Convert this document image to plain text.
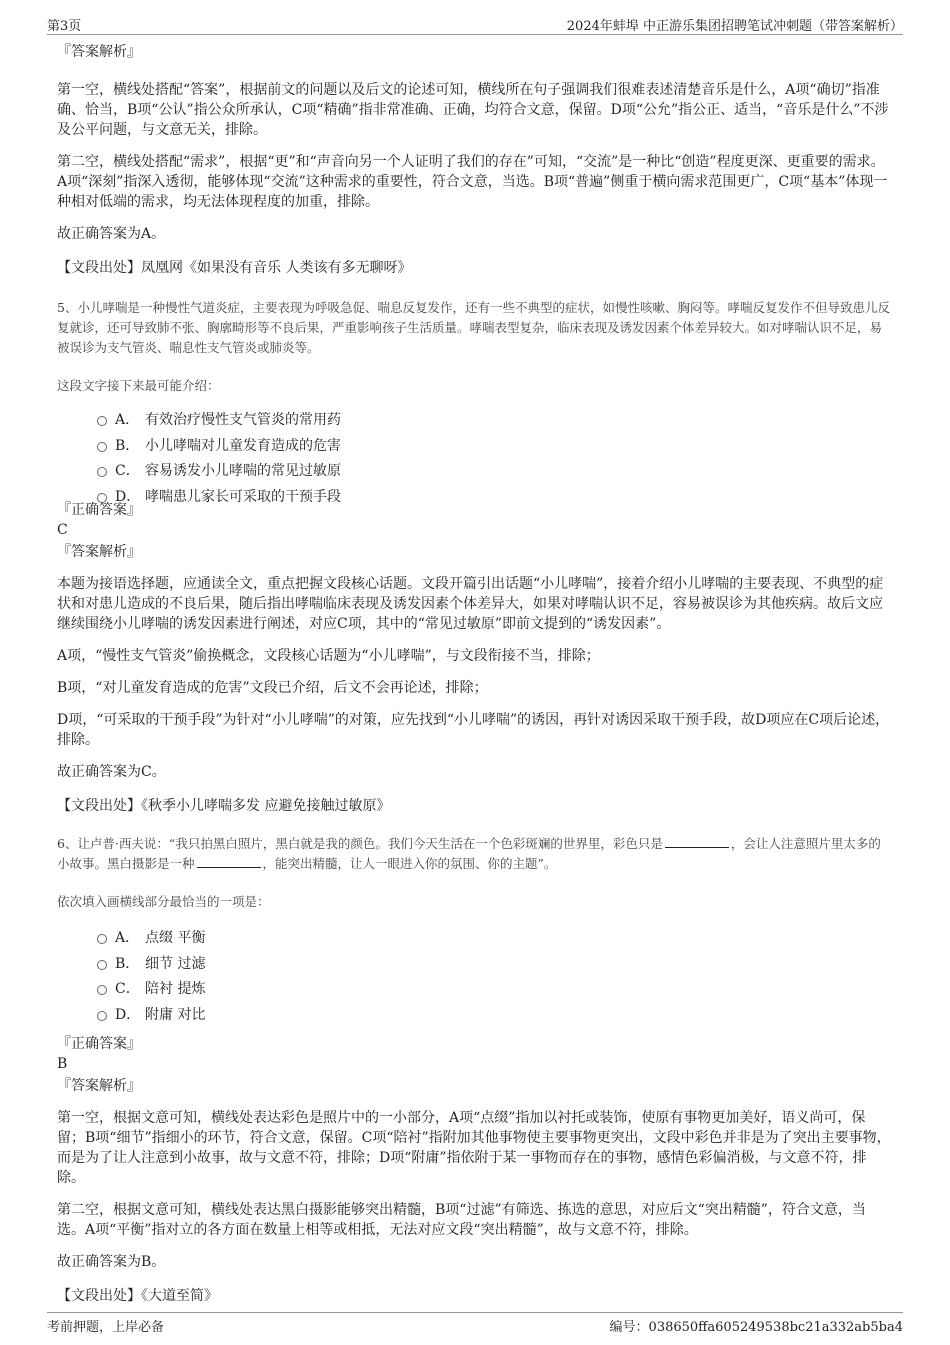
第3页	2024年蚌埠 中正游乐集团招聘笔试冲刺题（带答案解析）

『答案解析』

第一空，横线处搭配“答案”，根据前文的问题以及后文的论述可知，横线所在句子强调我们很难表述清楚音乐是什么，A项“确切”指准确、恰当，B项“公认”指公众所承认，C项“精确”指非常准确、正确，均符合文意，保留。D项“公允”指公正、适当，“音乐是什么”不涉及公平问题，与文意无关，排除。

第二空，横线处搭配“需求”，根据“更”和“声音向另一个人证明了我们的存在”可知，“交流”是一种比“创造”程度更深、更重要的需求。A项“深刻”指深入透彻，能够体现“交流”这种需求的重要性，符合文意，当选。B项“普遍”侧重于横向需求范围更广，C项“基本”体现一种相对低端的需求，均无法体现程度的加重，排除。

故正确答案为A。

【文段出处】凤凰网《如果没有音乐 人类该有多无聊呀》

5、小儿哮喘是一种慢性气道炎症，主要表现为呼吸急促、喘息反复发作，还有一些不典型的症状，如慢性咳嗽、胸闷等。哮喘反复发作不但导致患儿反复就诊，还可导致肺不张、胸廓畸形等不良后果，严重影响孩子生活质量。哮喘表型复杂，临床表现及诱发因素个体差异较大。如对哮喘认识不足，易被误诊为支气管炎、喘息性支气管炎或肺炎等。

这段文字接下来最可能介绍：

A． 有效治疗慢性支气管炎的常用药
B． 小儿哮喘对儿童发育造成的危害
C． 容易诱发小儿哮喘的常见过敏原
D． 哮喘患儿家长可采取的干预手段

『正确答案』

C

『答案解析』

本题为接语选择题，应通读全文，重点把握文段核心话题。文段开篇引出话题“小儿哮喘”，接着介绍小儿哮喘的主要表现、不典型的症状和对患儿造成的不良后果，随后指出哮喘临床表现及诱发因素个体差异大，如果对哮喘认识不足，容易被误诊为其他疾病。故后文应继续围绕小儿哮喘的诱发因素进行阐述，对应C项，其中的“常见过敏原”即前文提到的“诱发因素”。

A项，“慢性支气管炎”偷换概念，文段核心话题为“小儿哮喘”，与文段衔接不当，排除；

B项，“对儿童发育造成的危害”文段已介绍，后文不会再论述，排除；

D项，“可采取的干预手段”为针对“小儿哮喘”的对策，应先找到“小儿哮喘”的诱因，再针对诱因采取干预手段，故D项应在C项后论述，排除。

故正确答案为C。

【文段出处】《秋季小儿哮喘多发 应避免接触过敏原》

6、让卢普·西夫说：“我只拍黑白照片，黑白就是我的颜色。我们今天生活在一个色彩斑斓的世界里，彩色只是	，会让人注意照片里太多的小故事。黑白摄影是一种	，能突出精髓，让人一眼进入你的氛围、你的主题”。

依次填入画横线部分最恰当的一项是：

A． 点缀 平衡
B． 细节 过滤
C． 陪衬 提炼
D． 附庸 对比

『正确答案』

B

『答案解析』

第一空，根据文意可知，横线处表达彩色是照片中的一小部分，A项“点缀”指加以衬托或装饰，使原有事物更加美好，语义尚可，保留；B项“细节”指细小的环节，符合文意，保留。C项“陪衬”指附加其他事物使主要事物更突出，文段中彩色并非是为了突出主要事物，而是为了让人注意到小故事，故与文意不符，排除；D项“附庸”指依附于某一事物而存在的事物，感情色彩偏消极，与文意不符，排除。

第二空，根据文意可知，横线处表达黑白摄影能够突出精髓，B项“过滤”有筛选、拣选的意思，对应后文“突出精髓”，符合文意，当选。A项“平衡”指对立的各方面在数量上相等或相抵，无法对应文段“突出精髓”，故与文意不符，排除。

故正确答案为B。

【文段出处】《大道至简》

考前押题，上岸必备	编号：038650ffa605249538bc21a332ab5ba4
